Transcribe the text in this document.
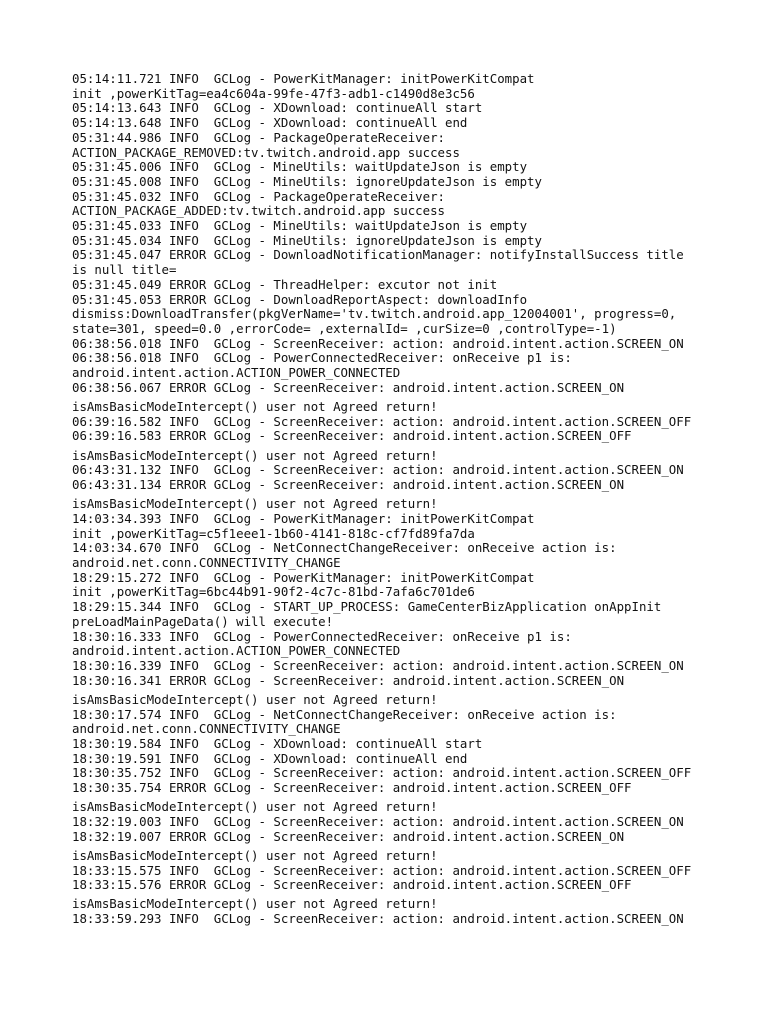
05:14:11.721 INFO  GCLog - PowerKitManager: initPowerKitCompat
init ,powerKitTag=ea4c604a-99fe-47f3-adb1-c1490d8e3c56
05:14:13.643 INFO  GCLog - XDownload: continueAll start
05:14:13.648 INFO  GCLog - XDownload: continueAll end
05:31:44.986 INFO  GCLog - PackageOperateReceiver:
ACTION_PACKAGE_REMOVED:tv.twitch.android.app success
05:31:45.006 INFO  GCLog - MineUtils: waitUpdateJson is empty
05:31:45.008 INFO  GCLog - MineUtils: ignoreUpdateJson is empty
05:31:45.032 INFO  GCLog - PackageOperateReceiver:
ACTION_PACKAGE_ADDED:tv.twitch.android.app success
05:31:45.033 INFO  GCLog - MineUtils: waitUpdateJson is empty
05:31:45.034 INFO  GCLog - MineUtils: ignoreUpdateJson is empty
05:31:45.047 ERROR GCLog - DownloadNotificationManager: notifyInstallSuccess title
is null title=
05:31:45.049 ERROR GCLog - ThreadHelper: excutor not init
05:31:45.053 ERROR GCLog - DownloadReportAspect: downloadInfo
dismiss:DownloadTransfer(pkgVerName='tv.twitch.android.app_12004001', progress=0,
state=301, speed=0.0 ,errorCode= ,externalId= ,curSize=0 ,controlType=-1)
06:38:56.018 INFO  GCLog - ScreenReceiver: action: android.intent.action.SCREEN_ON
06:38:56.018 INFO  GCLog - PowerConnectedReceiver: onReceive p1 is:
android.intent.action.ACTION_POWER_CONNECTED
06:38:56.067 ERROR GCLog - ScreenReceiver: android.intent.action.SCREEN_ON
isAmsBasicModeIntercept() user not Agreed return!
06:39:16.582 INFO  GCLog - ScreenReceiver: action: android.intent.action.SCREEN_OFF
06:39:16.583 ERROR GCLog - ScreenReceiver: android.intent.action.SCREEN_OFF
isAmsBasicModeIntercept() user not Agreed return!
06:43:31.132 INFO  GCLog - ScreenReceiver: action: android.intent.action.SCREEN_ON
06:43:31.134 ERROR GCLog - ScreenReceiver: android.intent.action.SCREEN_ON
isAmsBasicModeIntercept() user not Agreed return!
14:03:34.393 INFO  GCLog - PowerKitManager: initPowerKitCompat
init ,powerKitTag=c5f1eee1-1b60-4141-818c-cf7fd89fa7da
14:03:34.670 INFO  GCLog - NetConnectChangeReceiver: onReceive action is:
android.net.conn.CONNECTIVITY_CHANGE
18:29:15.272 INFO  GCLog - PowerKitManager: initPowerKitCompat
init ,powerKitTag=6bc44b91-90f2-4c7c-81bd-7afa6c701de6
18:29:15.344 INFO  GCLog - START_UP_PROCESS: GameCenterBizApplication onAppInit
preLoadMainPageData() will execute!
18:30:16.333 INFO  GCLog - PowerConnectedReceiver: onReceive p1 is:
android.intent.action.ACTION_POWER_CONNECTED
18:30:16.339 INFO  GCLog - ScreenReceiver: action: android.intent.action.SCREEN_ON
18:30:16.341 ERROR GCLog - ScreenReceiver: android.intent.action.SCREEN_ON
isAmsBasicModeIntercept() user not Agreed return!
18:30:17.574 INFO  GCLog - NetConnectChangeReceiver: onReceive action is:
android.net.conn.CONNECTIVITY_CHANGE
18:30:19.584 INFO  GCLog - XDownload: continueAll start
18:30:19.591 INFO  GCLog - XDownload: continueAll end
18:30:35.752 INFO  GCLog - ScreenReceiver: action: android.intent.action.SCREEN_OFF
18:30:35.754 ERROR GCLog - ScreenReceiver: android.intent.action.SCREEN_OFF
isAmsBasicModeIntercept() user not Agreed return!
18:32:19.003 INFO  GCLog - ScreenReceiver: action: android.intent.action.SCREEN_ON
18:32:19.007 ERROR GCLog - ScreenReceiver: android.intent.action.SCREEN_ON
isAmsBasicModeIntercept() user not Agreed return!
18:33:15.575 INFO  GCLog - ScreenReceiver: action: android.intent.action.SCREEN_OFF
18:33:15.576 ERROR GCLog - ScreenReceiver: android.intent.action.SCREEN_OFF
isAmsBasicModeIntercept() user not Agreed return!
18:33:59.293 INFO  GCLog - ScreenReceiver: action: android.intent.action.SCREEN_ON
